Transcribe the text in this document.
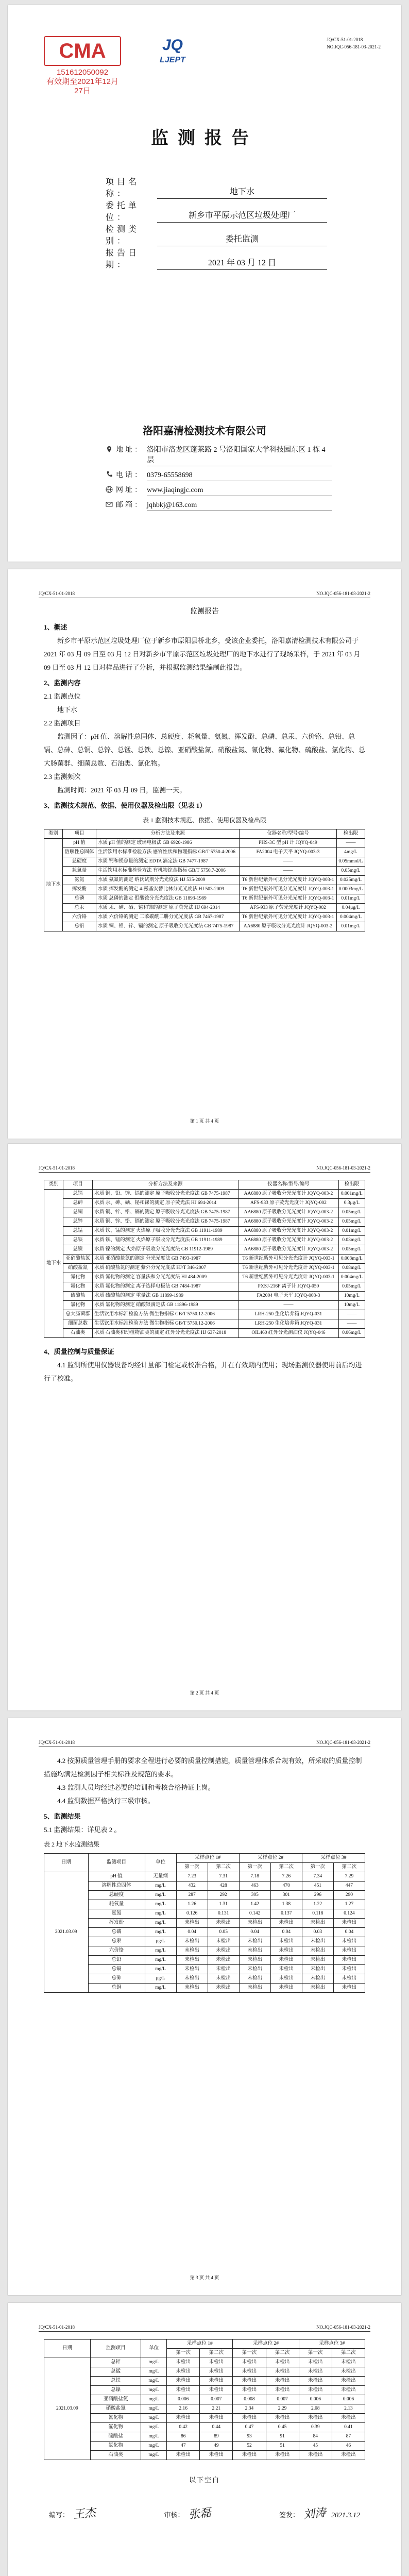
CMA
151612050092
有效期至2021年12月27日
JQ
LJEPT
JQ/CX-51-01-2018
NO.JQC-056-181-03-2021-2
监测报告
项目名称：	地下水
委托单位：	新乡市平原示范区垃圾处理厂
检测类别：	委托监测
报告日期：	2021 年 03 月 12 日
洛阳嘉清检测技术有限公司
地址： 洛阳市洛龙区蓬莱路 2 号洛阳国家大学科技园东区 1 栋 4 层
电话： 0379-65558698
网址： www.jiaqingjc.com
邮箱： jqhbkj@163.com
JQ/CX-51-01-2018	NO.JQC-056-181-03-2021-2
监测报告
1、概述

新乡市平原示范区垃圾处理厂位于新乡市原阳县桥北乡，受该企业委托，洛阳嘉清检测技术有限公司于 2021 年 03 月 09 日至 03 月 12 日对新乡市平原示范区垃圾处理厂的地下水进行了现场采样，于 2021 年 03 月 09 日至 03 月 12 日对样品进行了分析，并根据监测结果编制此报告。

2、监测内容

2.1 监测点位

地下水

2.2 监测项目

监测因子：pH 值、溶解性总固体、总硬度、耗氧量、氨氮、挥发酚、总磷、总汞、六价铬、总铅、总镉、总砷、总铜、总锌、总锰、总铁、总镍、亚硝酸盐氮、硝酸盐氮、氰化物、氟化物、硫酸盐、氯化物、总大肠菌群、细菌总数、石油类、氯化物。

2.3 监测频次

监测时间：2021 年 03 月 09 日，监测一天。

3、监测技术规范、依据、使用仪器及检出限（见表 1）
表 1 监测技术规范、依据、使用仪器及检出限
类别	项目	分析方法及来源	仪器名称/型号/编号	检出限
地下水	pH 值	水质 pH 值的测定 玻璃电极法 GB 6920-1986	PHS-3C 型 pH 计 JQYQ-049	——
	溶解性总固体	生活饮用水标准检验方法 感官性状和物理指标 GB/T 5750.4-2006	FA2004 电子天平 JQYQ-003-3	4mg/L
	总硬度	水质 钙和镁总量的测定 EDTA 滴定法 GB 7477-1987	——	0.05mmol/L
	耗氧量	生活饮用水标准检验方法 有机物综合指标 GB/T 5750.7-2006	——	0.05mg/L
	氨氮	水质 氨氮的测定 纳氏试剂分光光度法 HJ 535-2009	T6 新世纪紫外可见分光光度计 JQYQ-003-1	0.025mg/L
	挥发酚	水质 挥发酚的测定 4-氨基安替比林分光光度法 HJ 503-2009	T6 新世纪紫外可见分光光度计 JQYQ-003-1	0.0003mg/L
	总磷	水质 总磷的测定 钼酸铵分光光度法 GB 11893-1989	T6 新世纪紫外可见分光光度计 JQYQ-003-1	0.01mg/L
	总汞	水质 汞、砷、硒、铋和锑的测定 原子荧光法 HJ 694-2014	AFS-933 原子荧光光度计 JQYQ-002	0.04μg/L
	六价铬	水质 六价铬的测定 二苯碳酰二肼分光光度法 GB 7467-1987	T6 新世纪紫外可见分光光度计 JQYQ-003-1	0.004mg/L
	总铅	水质 铜、铅、锌、镉的测定 原子吸收分光光度法 GB 7475-1987	AA6880 原子吸收分光光度计 JQYQ-003-2	0.01mg/L
第 1 页 共 4 页
JQ/CX-51-01-2018	NO.JQC-056-181-03-2021-2
类别	项目	分析方法及来源	仪器名称/型号/编号	检出限
地下水	总镉	水质 铜、铅、锌、镉的测定 原子吸收分光光度法 GB 7475-1987	AA6880 原子吸收分光光度计 JQYQ-003-2	0.001mg/L
	总砷	水质 汞、砷、硒、铋和锑的测定 原子荧光法 HJ 694-2014	AFS-933 原子荧光光度计 JQYQ-002	0.3μg/L
	总铜	水质 铜、锌、铅、镉的测定 原子吸收分光光度法 GB 7475-1987	AA6880 原子吸收分光光度计 JQYQ-003-2	0.05mg/L
	总锌	水质 铜、锌、铅、镉的测定 原子吸收分光光度法 GB 7475-1987	AA6880 原子吸收分光光度计 JQYQ-003-2	0.05mg/L
	总锰	水质 铁、锰的测定 火焰原子吸收分光光度法 GB 11911-1989	AA6880 原子吸收分光光度计 JQYQ-003-2	0.01mg/L
	总铁	水质 铁、锰的测定 火焰原子吸收分光光度法 GB 11911-1989	AA6880 原子吸收分光光度计 JQYQ-003-2	0.03mg/L
	总镍	水质 镍的测定 火焰原子吸收分光光度法 GB 11912-1989	AA6880 原子吸收分光光度计 JQYQ-003-2	0.05mg/L
	亚硝酸盐氮	水质 亚硝酸盐氮的测定 分光光度法 GB 7493-1987	T6 新世纪紫外可见分光光度计 JQYQ-003-1	0.003mg/L
	硝酸盐氮	水质 硝酸盐氮的测定 紫外分光光度法 HJ/T 346-2007	T6 新世纪紫外可见分光光度计 JQYQ-003-1	0.08mg/L
	氰化物	水质 氰化物的测定 容量法和分光光度法 HJ 484-2009	T6 新世纪紫外可见分光光度计 JQYQ-003-1	0.004mg/L
	氟化物	水质 氟化物的测定 离子选择电极法 GB 7484-1987	PXSJ-216F 离子计 JQYQ-050	0.05mg/L
	硫酸盐	水质 硫酸盐的测定 重量法 GB 11899-1989	FA2004 电子天平 JQYQ-003-3	10mg/L
	氯化物	水质 氯化物的测定 硝酸银滴定法 GB 11896-1989	——	10mg/L
	总大肠菌群	生活饮用水标准检验方法 微生物指标 GB/T 5750.12-2006	LRH-250 生化培养箱 JQYQ-031	——
	细菌总数	生活饮用水标准检验方法 微生物指标 GB/T 5750.12-2006	LRH-250 生化培养箱 JQYQ-031	——
	石油类	水质 石油类和动植物油类的测定 红外分光光度法 HJ 637-2018	OIL460 红外分光测油仪 JQYQ-046	0.06mg/L
4、质量控制与质量保证

4.1 监测所使用仪器设备均经计量部门检定或校准合格，并在有效期内使用；现场监测仪器使用前后均进行了校准。

第 2 页 共 4 页
JQ/CX-51-01-2018	NO.JQC-056-181-03-2021-2

4.2 按照质量管理手册的要求全程进行必要的质量控制措施，质量管理体系合规有效，所采取的质量控制措施均满足检测因子相关标准及规范的要求。

4.3 监测人员均经过必要的培训和考核合格持证上岗。

4.4 监测数据严格执行三级审核。

5、监测结果

5.1 监测结果：详见表 2 。

表 2 地下水监测结果
日期	监测项目	单位	采样点位 1#		采样点位 2#		采样点位 3#	
			第一次	第二次	第一次	第二次	第一次	第二次
2021.03.09	pH 值	无量纲	7.23	7.31	7.18	7.26	7.34	7.29
	溶解性总固体	mg/L	432	428	463	470	451	447
	总硬度	mg/L	287	292	305	301	296	290
	耗氧量	mg/L	1.26	1.31	1.42	1.38	1.22	1.27
	氨氮	mg/L	0.126	0.131	0.142	0.137	0.118	0.124
	挥发酚	mg/L	未检出	未检出	未检出	未检出	未检出	未检出
	总磷	mg/L	0.04	0.05	0.04	0.04	0.03	0.04
	总汞	μg/L	未检出	未检出	未检出	未检出	未检出	未检出
	六价铬	mg/L	未检出	未检出	未检出	未检出	未检出	未检出
	总铅	mg/L	未检出	未检出	未检出	未检出	未检出	未检出
	总镉	mg/L	未检出	未检出	未检出	未检出	未检出	未检出
	总砷	μg/L	未检出	未检出	未检出	未检出	未检出	未检出
	总铜	mg/L	未检出	未检出	未检出	未检出	未检出	未检出
第 3 页 共 4 页
JQ/CX-51-01-2018	NO.JQC-056-181-03-2021-2
日期	监测项目	单位	采样点位 1#		采样点位 2#		采样点位 3#	
			第一次	第二次	第一次	第二次	第一次	第二次
2021.03.09	总锌	mg/L	未检出	未检出	未检出	未检出	未检出	未检出
	总锰	mg/L	未检出	未检出	未检出	未检出	未检出	未检出
	总铁	mg/L	未检出	未检出	未检出	未检出	未检出	未检出
	总镍	mg/L	未检出	未检出	未检出	未检出	未检出	未检出
	亚硝酸盐氮	mg/L	0.006	0.007	0.008	0.007	0.006	0.006
	硝酸盐氮	mg/L	2.16	2.21	2.34	2.29	2.08	2.13
	氰化物	mg/L	未检出	未检出	未检出	未检出	未检出	未检出
	氟化物	mg/L	0.42	0.44	0.47	0.45	0.39	0.41
	硫酸盐	mg/L	86	89	93	91	84	87
	氯化物	mg/L	47	49	52	51	45	46
	石油类	mg/L	未检出	未检出	未检出	未检出	未检出	未检出
以下空白
编写： 王杰	审核： 张磊	签发： 刘涛 2021.3.12
